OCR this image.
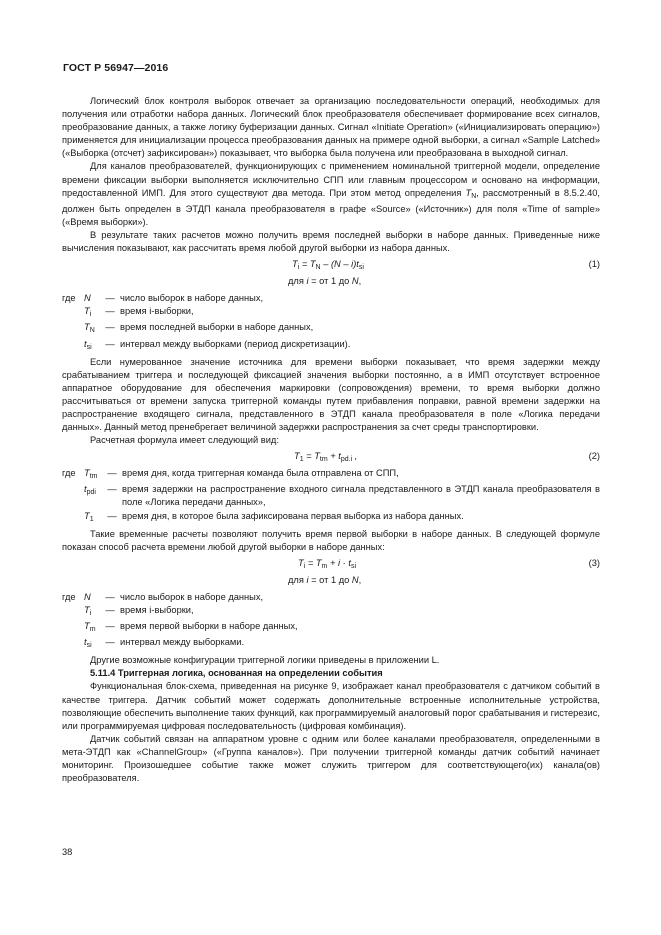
ГОСТ Р 56947—2016

Логический блок контроля выборок отвечает за организацию последовательности операций, необходимых для получения или отработки набора данных. Логический блок преобразователя обеспечивает формирование всех сигналов, преобразование данных, а также логику буферизации данных. Сигнал «Initiate Operation» («Инициализировать операцию») применяется для инициализации процесса преобразования данных на примере одной выборки, а сигнал «Sample Latched» («Выборка (отсчет) зафиксирован») показывает, что выборка была получена или преобразована в выходной сигнал.

Для каналов преобразователей, функционирующих с применением номинальной триггерной модели, определение времени фиксации выборки выполняется исключительно СПП или главным процессором и основано на информации, предоставленной ИМП. Для этого существуют два метода. При этом метод определения $T_N$, рассмотренный в 8.5.2.40, должен быть определен в ЭТДП канала преобразователя в графе «Source» («Источник») для поля «Time of sample» («Время выборки»).

В результате таких расчетов можно получить время последней выборки в наборе данных. Приведенные ниже вычисления показывают, как рассчитать время любой другой выборки из набора данных.

$T_i = T_N - (N - i)t_{si}$	(1)

для i = от 1 до N,

где N	— число выборок в наборе данных,
$T_i$	— время i-выборки,
$T_N$	— время последней выборки в наборе данных,
$t_{si}$	— интервал между выборками (период дискретизации).

Если нумерованное значение источника для времени выборки показывает, что время задержки между срабатыванием триггера и последующей фиксацией значения выборки постоянно, а в ИМП отсутствует встроенное аппаратное оборудование для обеспечения маркировки (сопровождения) времени, то время выборки должно рассчитываться от времени запуска триггерной команды путем прибавления поправки, равной времени задержки на распространение входящего сигнала, представленного в ЭТДП канала преобразователя в поле «Логика передачи данных». Данный метод пренебрегает величиной задержки распространения за счет среды транспортировки.

Расчетная формула имеет следующий вид:

$T_1 = T_{tm} + t_{pd.i}$ ,	(2)
где $T_{tm}$	— время дня, когда триггерная команда была отправлена от СПП,
$t_{pdi}$	— время задержки на распространение входного сигнала представленного в ЭТДП канала преобразователя в поле «Логика передачи данных»,
$T_1$	— время дня, в которое была зафиксирована первая выборка из набора данных.

Такие временные расчеты позволяют получить время первой выборки в наборе данных. В следующей формуле показан способ расчета времени любой другой выборки в наборе данных:

$T_i = T_m + i \cdot t_{si}$	(3)

для i = от 1 до N,

где N	— число выборок в наборе данных,
$T_i$	— время i-выборки,
$T_m$	— время первой выборки в наборе данных,
$t_{si}$	— интервал между выборками.

Другие возможные конфигурации триггерной логики приведены в приложении L.

5.11.4 Триггерная логика, основанная на определении события

Функциональная блок-схема, приведенная на рисунке 9, изображает канал преобразователя с датчиком событий в качестве триггера. Датчик событий может содержать дополнительные встроенные исполнительные устройства, позволяющие обеспечить выполнение таких функций, как программируемый аналоговый порог срабатывания и гистерезис, или программируемая цифровая последовательность (цифровая комбинация).

Датчик событий связан на аппаратном уровне с одним или более каналами преобразователя, определенными в мета-ЭТДП как «ChannelGroup» («Группа каналов»). При получении триггерной команды датчик событий начинает мониторинг. Произошедшее событие также может служить триггером для соответствующего(их) канала(ов) преобразователя.

38
